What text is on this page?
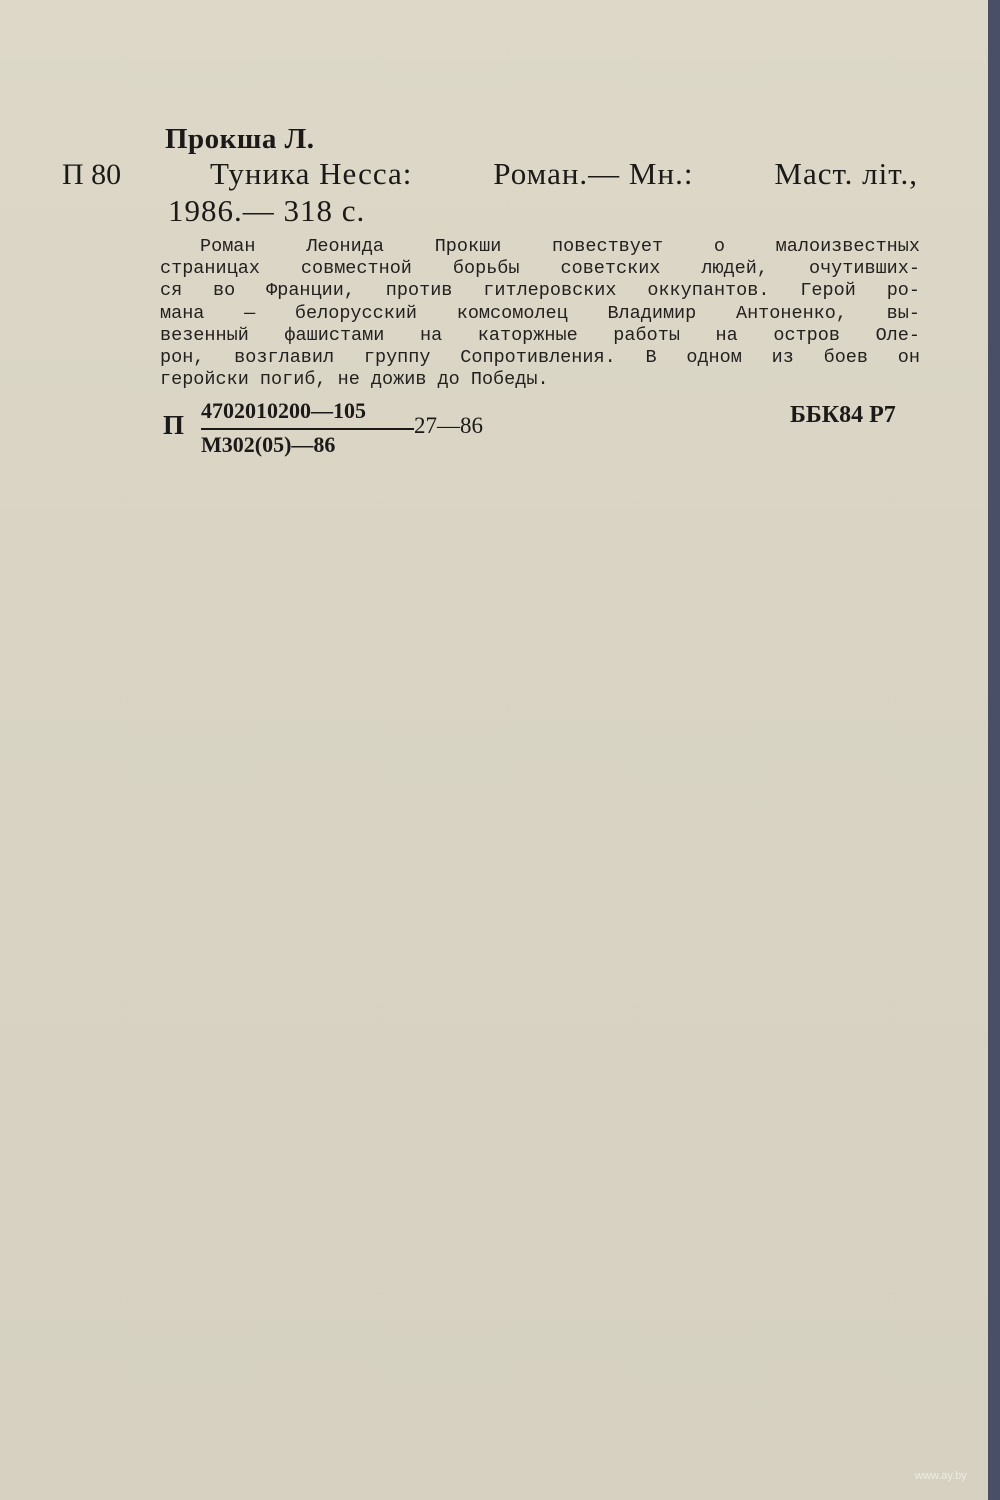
Прокша Л.
П 80	Туника Несса:	Роман.— Мн.:	Маст. літ.,
1986.— 318 с.
Роман Леонида Прокши повествует о малоизвестных
страницах совместной борьбы советских людей, очутивших-
ся во Франции, против гитлеровских оккупантов. Герой ро-
мана — белорусский комсомолец Владимир Антоненко, вы-
везенный фашистами на каторжные работы на остров Оле-
рон, возглавил группу Сопротивления. В одном из боев он
геройски погиб, не дожив до Победы.
П 4702010200—105
М302(05)—86
27—86	ББК84 Р7
www.ay.by
